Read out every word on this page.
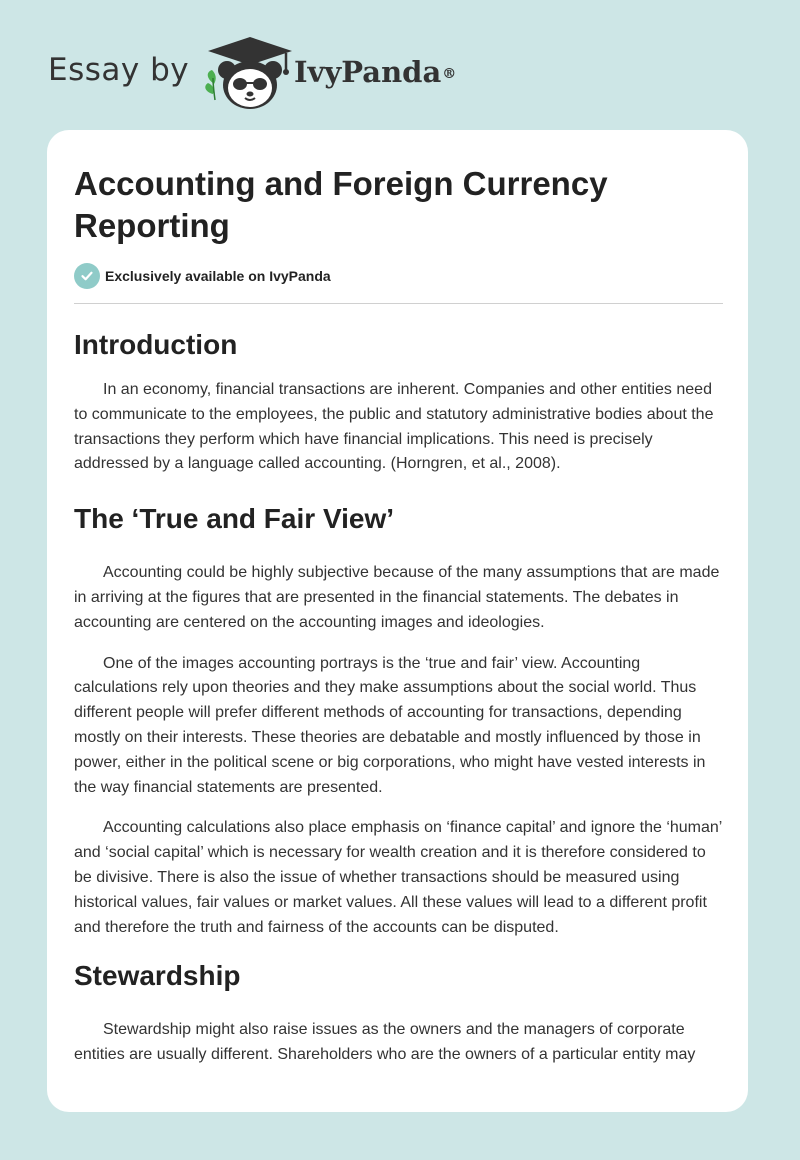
Essay by	IvyPanda®
Accounting and Foreign Currency Reporting
Exclusively available on IvyPanda
Introduction

In an economy, financial transactions are inherent. Companies and other entities need to communicate to the employees, the public and statutory administrative bodies about the transactions they perform which have financial implications. This need is precisely addressed by a language called accounting. (Horngren, et al., 2008).

The ‘True and Fair View’

Accounting could be highly subjective because of the many assumptions that are made in arriving at the figures that are presented in the financial statements. The debates in accounting are centered on the accounting images and ideologies.

One of the images accounting portrays is the ‘true and fair’ view. Accounting calculations rely upon theories and they make assumptions about the social world. Thus different people will prefer different methods of accounting for transactions, depending mostly on their interests. These theories are debatable and mostly influenced by those in power, either in the political scene or big corporations, who might have vested interests in the way financial statements are presented.

Accounting calculations also place emphasis on ‘finance capital’ and ignore the ‘human’ and ‘social capital’ which is necessary for wealth creation and it is therefore considered to be divisive. There is also the issue of whether transactions should be measured using historical values, fair values or market values. All these values will lead to a different profit and therefore the truth and fairness of the accounts can be disputed.

Stewardship

Stewardship might also raise issues as the owners and the managers of corporate entities are usually different. Shareholders who are the owners of a particular entity may
